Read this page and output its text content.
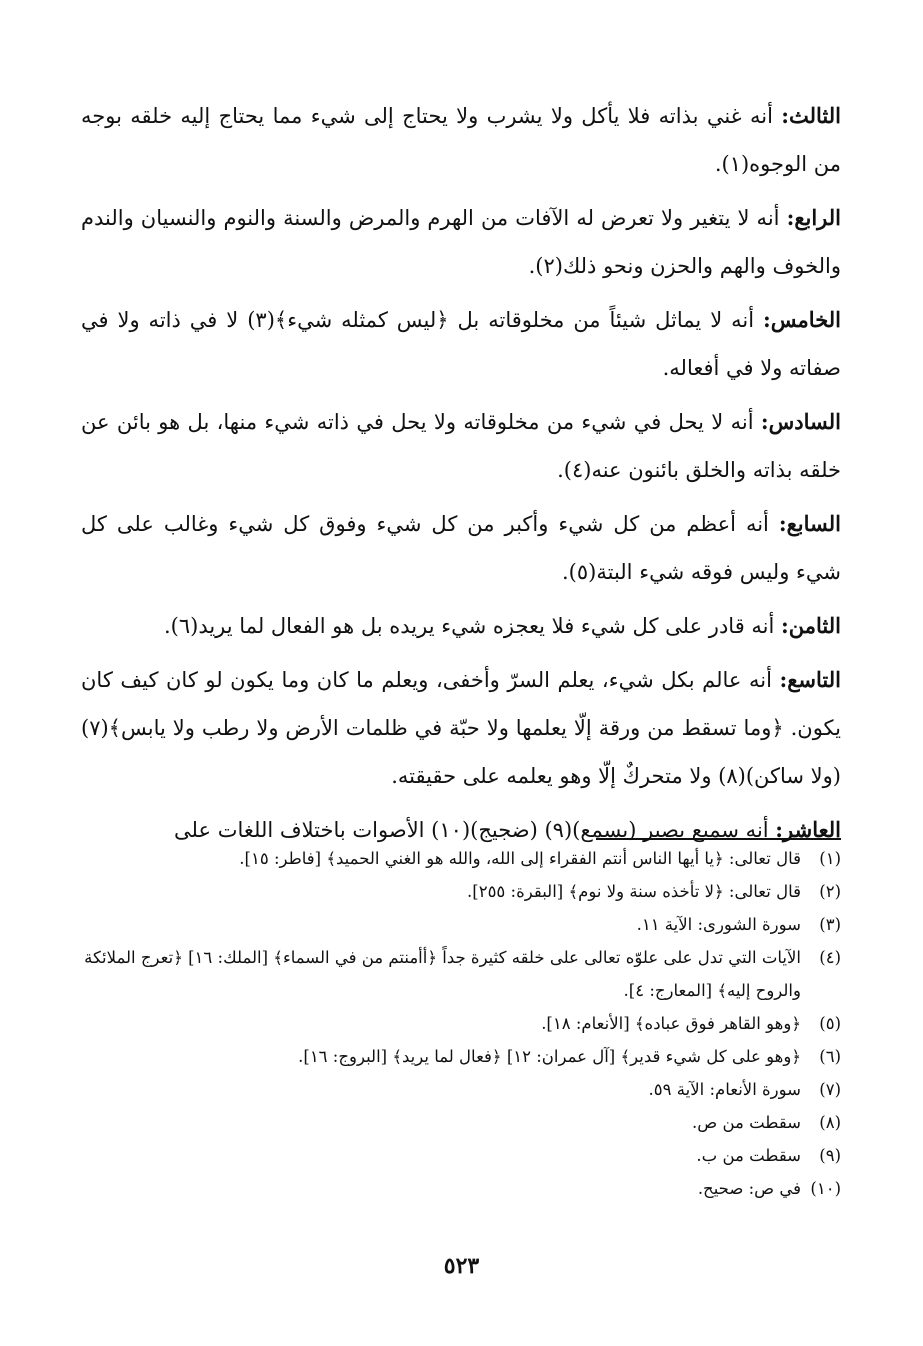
الثالث: أنه غني بذاته فلا يأكل ولا يشرب ولا يحتاج إلى شيء مما يحتاج إليه خلقه بوجه من الوجوه(١).

الرابع: أنه لا يتغير ولا تعرض له الآفات من الهرم والمرض والسنة والنوم والنسيان والندم والخوف والهم والحزن ونحو ذلك(٢).

الخامس: أنه لا يماثل شيئاً من مخلوقاته بل ﴿ليس كمثله شيء﴾(٣) لا في ذاته ولا في صفاته ولا في أفعاله.

السادس: أنه لا يحل في شيء من مخلوقاته ولا يحل في ذاته شيء منها، بل هو بائن عن خلقه بذاته والخلق بائنون عنه(٤).

السابع: أنه أعظم من كل شيء وأكبر من كل شيء وفوق كل شيء وغالب على كل شيء وليس فوقه شيء البتة(٥).

الثامن: أنه قادر على كل شيء فلا يعجزه شيء يريده بل هو الفعال لما يريد(٦).

التاسع: أنه عالم بكل شيء، يعلم السرّ وأخفى، ويعلم ما كان وما يكون لو كان كيف كان يكون. ﴿وما تسقط من ورقة إلّا يعلمها ولا حبّة في ظلمات الأرض ولا رطب ولا يابس﴾(٧) (ولا ساكن)(٨) ولا متحركٌ إلّا وهو يعلمه على حقيقته.

العاشر: أنه سميع بصير (يسمع)(٩) (ضجيج)(١٠) الأصوات باختلاف اللغات على

(١)
قال تعالى: ﴿يا أيها الناس أنتم الفقراء إلى الله، والله هو الغني الحميد﴾ [فاطر: ١٥].
(٢)
قال تعالى: ﴿لا تأخذه سنة ولا نوم﴾ [البقرة: ٢٥٥].
(٣)
سورة الشورى: الآية ١١.
(٤)
الآيات التي تدل على علوّه تعالى على خلقه كثيرة جداً ﴿أأمنتم من في السماء﴾ [الملك: ١٦] ﴿تعرج الملائكة والروح إليه﴾ [المعارج: ٤].
(٥)
﴿وهو القاهر فوق عباده﴾ [الأنعام: ١٨].
(٦)
﴿وهو على كل شيء قدير﴾ [آل عمران: ١٢] ﴿فعال لما يريد﴾ [البروج: ١٦].
(٧)
سورة الأنعام: الآية ٥٩.
(٨)
سقطت من ص.
(٩)
سقطت من ب.
(١٠)
في ص: صحيح.
٥٢٣
